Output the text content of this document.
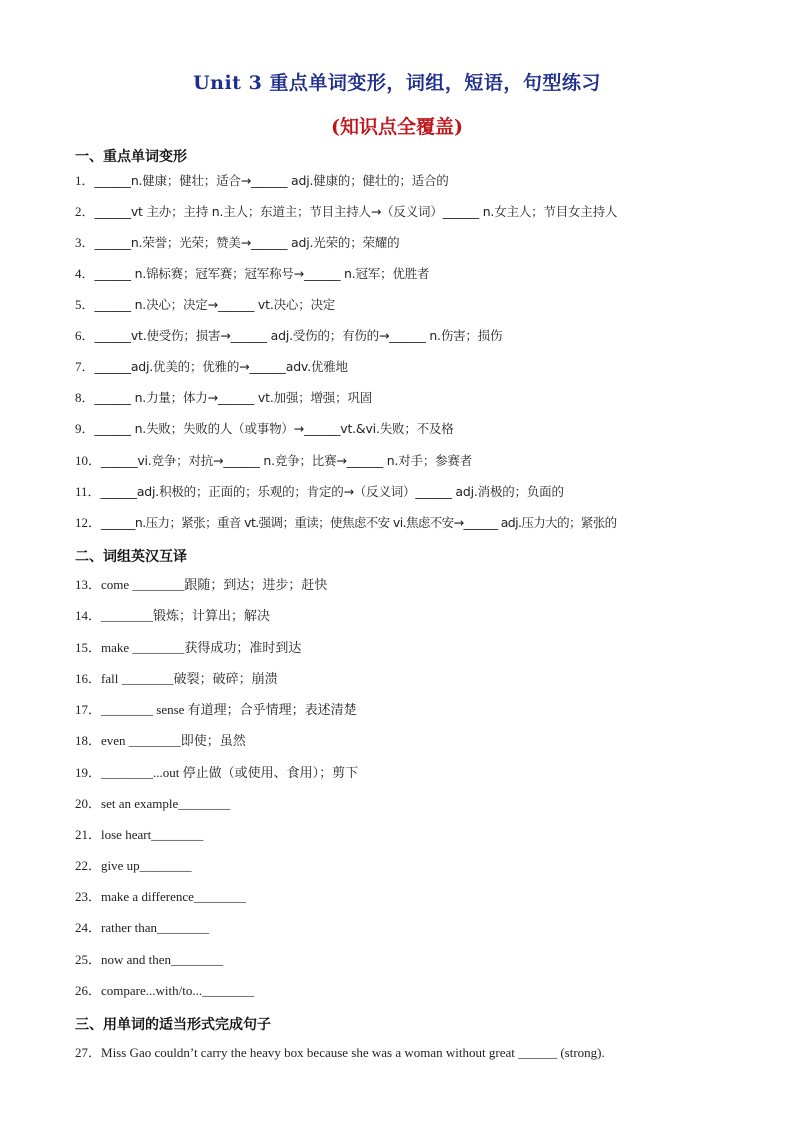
Unit 3 重点单词变形，词组，短语，句型练习
(知识点全覆盖)
一、重点单词变形
1．______n.健康；健壮；适合→______ adj.健康的；健壮的；适合的
2．______vt 主办；主持 n.主人；东道主；节目主持人→（反义词）______ n.女主人；节目女主持人
3．______n.荣誉；光荣；赞美→______ adj.光荣的；荣耀的
4．______ n.锦标赛；冠军赛；冠军称号→______ n.冠军；优胜者
5．______ n.决心；决定→______ vt.决心；决定
6．______vt.使受伤；损害→______ adj.受伤的；有伤的→______ n.伤害；损伤
7．______adj.优美的；优雅的→______adv.优雅地
8．______ n.力量；体力→______ vt.加强；增强；巩固
9．______ n.失败；失败的人（或事物）→______vt.&vi.失败；不及格
10．______vi.竞争；对抗→______ n.竞争；比赛→______ n.对手；参赛者
11．______adj.积极的；正面的；乐观的；肯定的→（反义词）______ adj.消极的；负面的
12．______n.压力；紧张；重音 vt.强调；重读；使焦虑不安 vi.焦虑不安→______ adj.压力大的；紧张的
二、词组英汉互译
13．come ________跟随；到达；进步；赶快
14．________锻炼；计算出；解决
15．make ________获得成功；准时到达
16．fall ________破裂；破碎；崩溃
17．________ sense 有道理；合乎情理；表述清楚
18．even ________即使；虽然
19．________...out 停止做（或使用、食用）；剪下
20．set an example________
21．lose heart________
22．give up________
23．make a difference________
24．rather than________
25．now and then________
26．compare...with/to...________
三、用单词的适当形式完成句子
27．Miss Gao couldn’t carry the heavy box because she was a woman without great ______ (strong).
